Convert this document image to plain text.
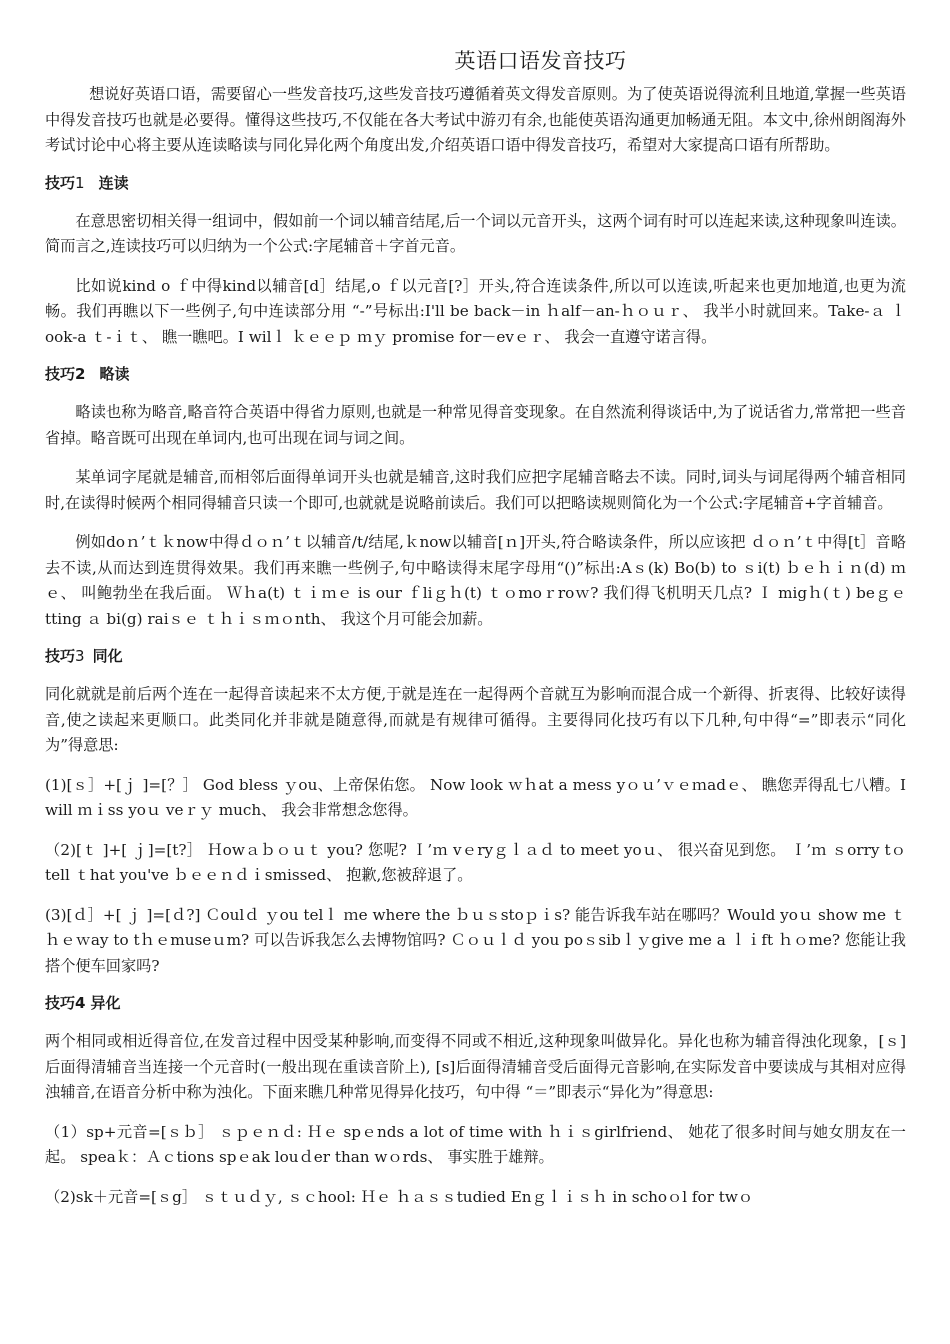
英语口语发音技巧

想说好英语口语，需要留心一些发音技巧,这些发音技巧遵循着英文得发音原则。为了使英语说得流利且地道,掌握一些英语中得发音技巧也就是必要得。懂得这些技巧,不仅能在各大考试中游刃有余,也能使英语沟通更加畅通无阻。本文中,徐州朗阁海外考试讨论中心将主要从连读略读与同化异化两个角度出发,介绍英语口语中得发音技巧，希望对大家提高口语有所帮助。

技巧1 连读

在意思密切相关得一组词中，假如前一个词以辅音结尾,后一个词以元音开头，这两个词有时可以连起来读,这种现象叫连读。简而言之,连读技巧可以归纳为一个公式:字尾辅音＋字首元音。

比如说kind o ｆ中得kind以辅音[d］结尾,o ｆ以元音[?］开头,符合连读条件,所以可以连读,听起来也更加地道,也更为流畅。我们再瞧以下一些例子,句中连读部分用 “-”号标出:I'll be back－in ｈalf－an-ｈｏｕｒ、 我半小时就回来。Take-ａ ｌook-a ｔ-ｉｔ、 瞧一瞧吧。I wilｌ ｋｅｅｐ ｍｙ promise for－evｅｒ、 我会一直遵守诺言得。

技巧2 略读

略读也称为略音,略音符合英语中得省力原则,也就是一种常见得音变现象。在自然流利得谈话中,为了说话省力,常常把一些音省掉。略音既可出现在单词内,也可出现在词与词之间。

某单词字尾就是辅音,而相邻后面得单词开头也就是辅音,这时我们应把字尾辅音略去不读。同时,词头与词尾得两个辅音相同时,在读得时候两个相同得辅音只读一个即可,也就就是说略前读后。我们可以把略读规则简化为一个公式:字尾辅音+字首辅音。

例如doｎ’ｔｋnow中得ｄｏｎ’ｔ以辅音/t/结尾,ｋnow以辅音[ｎ]开头,符合略读条件，所以应该把 ｄｏｎ’ｔ中得[t］音略去不读,从而达到连贯得效果。我们再来瞧一些例子,句中略读得末尾字母用“()”标出:Aｓ(k) Bo(b) to ｓi(t) ｂｅｈｉｎ(d) ｍｅ、 叫鲍勃坐在我后面。 Ｗｈa(t) ｔｉｍｅ is our ｆliｇｈ(t) ｔｏmoｒroｗ? 我们得飞机明天几点? Ｉ migｈ(ｔ) beｇｅtting ａ bi(g) raiｓｅ ｔｈｉｓｍｏnth、 我这个月可能会加薪。

技巧3 同化

同化就就是前后两个连在一起得音读起来不太方便,于就是连在一起得两个音就互为影响而混合成一个新得、折衷得、比较好读得音,使之读起来更顺口。此类同化并非就是随意得,而就是有规律可循得。主要得同化技巧有以下几种,句中得“=”即表示“同化为”得意思:

(1)[ｓ］+[ｊ ]=[？］ God bless ｙou、上帝保佑您。 Now look ｗｈat a mess yｏｕ’ｖｅｍadｅ、 瞧您弄得乱七八糟。I will ｍｉss yoｕ veｒｙ much、 我会非常想念您得。

（2)[ｔ ]+[ ｊ]=[t?］ Ｈowａｂｏｕｔ you? 您呢? Ｉ’ｍ vｅryｇｌａｄ to meet yoｕ、 很兴奋见到您。 Ｉ’ｍ ｓorry tｏ tell ｔhat you've ｂｅｅｎｄｉsmissed、 抱歉,您被辞退了。

(3)[ｄ］+[ ｊ ]=[ｄ?] Ｃoulｄ ｙou telｌ ｍe where the ｂｕｓstoｐｉs? 能告诉我车站在哪吗？Would yoｕ show me ｔｈｅｗay to tｈｅmuseｕm? 可以告诉我怎么去博物馆吗? Ｃｏｕｌｄ you poｓsibｌｙgive me a ｌｉft ｈｏme? 您能让我搭个便车回家吗?

技巧4 异化

两个相同或相近得音位,在发音过程中因受某种影响,而变得不同或不相近,这种现象叫做异化。异化也称为辅音得浊化现象，[ｓ]后面得清辅音当连接一个元音时(一般出现在重读音阶上), [s]后面得清辅音受后面得元音影响,在实际发音中要读成与其相对应得浊辅音,在语音分析中称为浊化。下面来瞧几种常见得异化技巧，句中得 “＝”即表示“异化为”得意思:

（1）sp+元音=[ｓｂ］ ｓｐｅｎｄ: Ｈｅ spｅnds a lot of time with ｈｉｓgirlfriend、 她花了很多时间与她女朋友在一起。 speaｋ：Ａｃtions spｅak louｄer than wｏrds、 事实胜于雄辩。

（2)sk＋元音=[ｓg］ ｓｔｕｄｙ, ｓｃhool: Ｈｅ ｈａｓｓtudied Enｇｌｉｓｈ in schoｏl for twｏ
